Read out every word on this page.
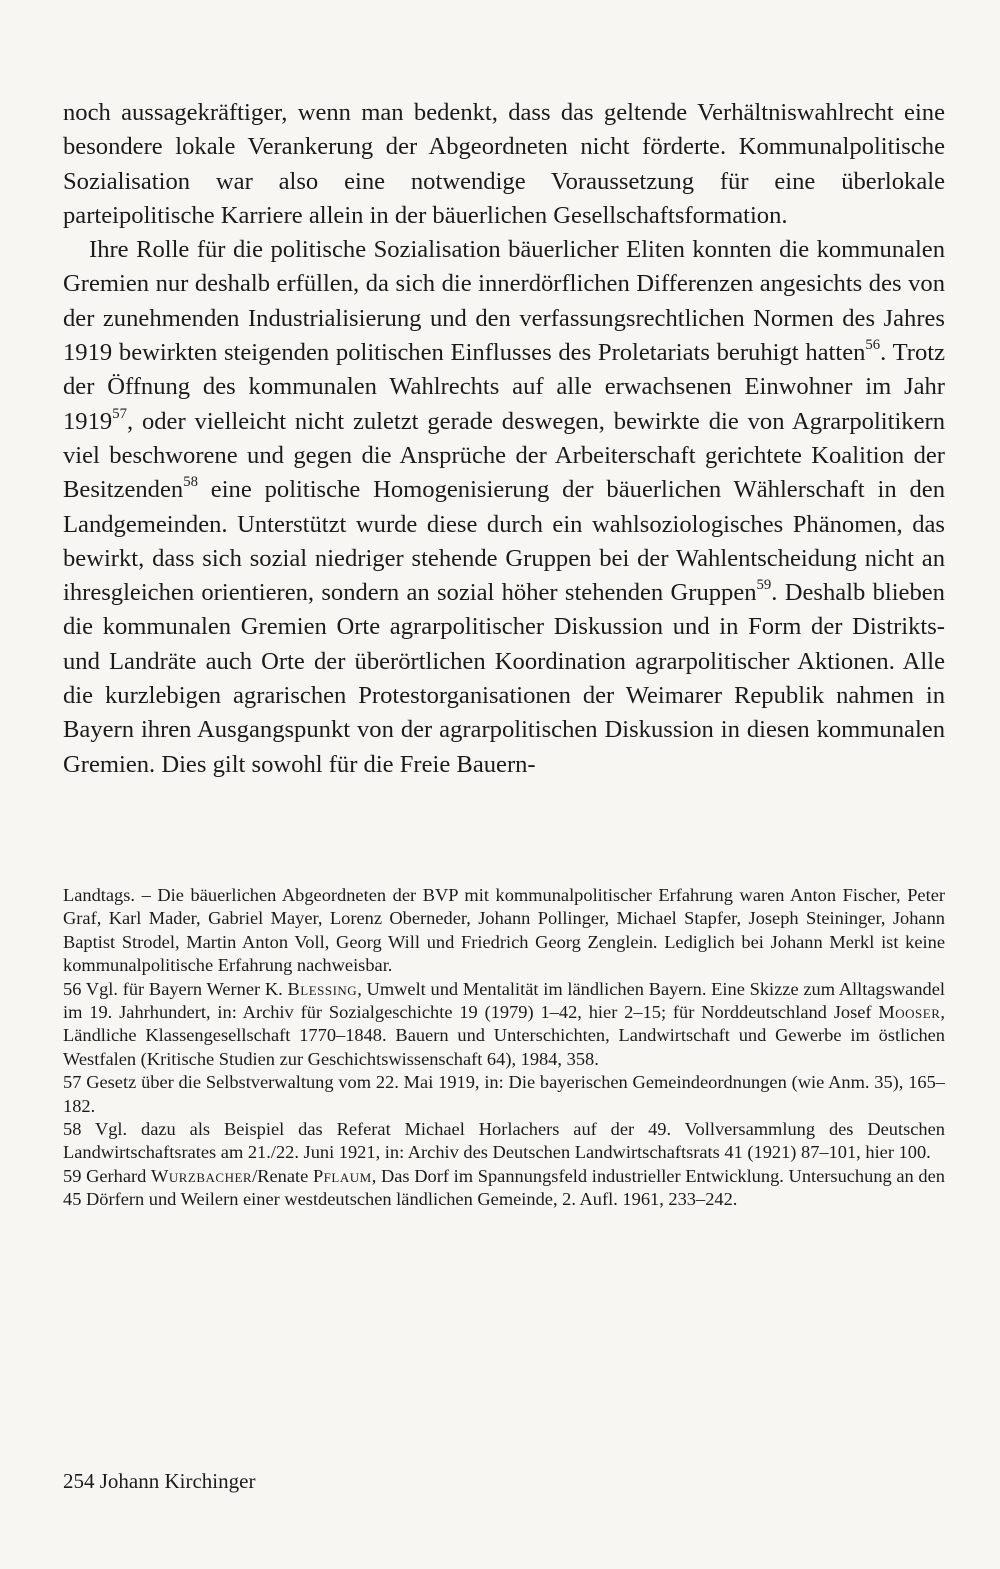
noch aussagekräftiger, wenn man bedenkt, dass das geltende Verhältniswahlrecht eine besondere lokale Verankerung der Abgeordneten nicht förderte. Kommunalpolitische Sozialisation war also eine notwendige Voraussetzung für eine überlokale parteipolitische Karriere allein in der bäuerlichen Gesellschaftsformation.

Ihre Rolle für die politische Sozialisation bäuerlicher Eliten konnten die kommunalen Gremien nur deshalb erfüllen, da sich die innerdörflichen Differenzen angesichts des von der zunehmenden Industrialisierung und den verfassungsrechtlichen Normen des Jahres 1919 bewirkten steigenden politischen Einflusses des Proletariats beruhigt hatten$^{56}$. Trotz der Öffnung des kommunalen Wahlrechts auf alle erwachsenen Einwohner im Jahr 1919$^{57}$, oder vielleicht nicht zuletzt gerade deswegen, bewirkte die von Agrarpolitikern viel beschworene und gegen die Ansprüche der Arbeiterschaft gerichtete Koalition der Besitzenden$^{58}$ eine politische Homogenisierung der bäuerlichen Wählerschaft in den Landgemeinden. Unterstützt wurde diese durch ein wahlsoziologisches Phänomen, das bewirkt, dass sich sozial niedriger stehende Gruppen bei der Wahlentscheidung nicht an ihresgleichen orientieren, sondern an sozial höher stehenden Gruppen$^{59}$. Deshalb blieben die kommunalen Gremien Orte agrarpolitischer Diskussion und in Form der Distrikts- und Landräte auch Orte der überörtlichen Koordination agrarpolitischer Aktionen. Alle die kurzlebigen agrarischen Protestorganisationen der Weimarer Republik nahmen in Bayern ihren Ausgangspunkt von der agrarpolitischen Diskussion in diesen kommunalen Gremien. Dies gilt sowohl für die Freie Bauern-

Landtags. – Die bäuerlichen Abgeordneten der BVP mit kommunalpolitischer Erfahrung waren Anton Fischer, Peter Graf, Karl Mader, Gabriel Mayer, Lorenz Oberneder, Johann Pollinger, Michael Stapfer, Joseph Steininger, Johann Baptist Strodel, Martin Anton Voll, Georg Will und Friedrich Georg Zenglein. Lediglich bei Johann Merkl ist keine kommunalpolitische Erfahrung nachweisbar.

56 Vgl. für Bayern Werner K. Blessing, Umwelt und Mentalität im ländlichen Bayern. Eine Skizze zum Alltagswandel im 19. Jahrhundert, in: Archiv für Sozialgeschichte 19 (1979) 1–42, hier 2–15; für Norddeutschland Josef Mooser, Ländliche Klassengesellschaft 1770–1848. Bauern und Unterschichten, Landwirtschaft und Gewerbe im östlichen Westfalen (Kritische Studien zur Geschichtswissenschaft 64), 1984, 358.

57 Gesetz über die Selbstverwaltung vom 22. Mai 1919, in: Die bayerischen Gemeindeordnungen (wie Anm. 35), 165–182.

58 Vgl. dazu als Beispiel das Referat Michael Horlachers auf der 49. Vollversammlung des Deutschen Landwirtschaftsrates am 21./22. Juni 1921, in: Archiv des Deutschen Landwirtschaftsrats 41 (1921) 87–101, hier 100.

59 Gerhard Wurzbacher/Renate Pflaum, Das Dorf im Spannungsfeld industrieller Entwicklung. Untersuchung an den 45 Dörfern und Weilern einer westdeutschen ländlichen Gemeinde, 2. Aufl. 1961, 233–242.

254 Johann Kirchinger
